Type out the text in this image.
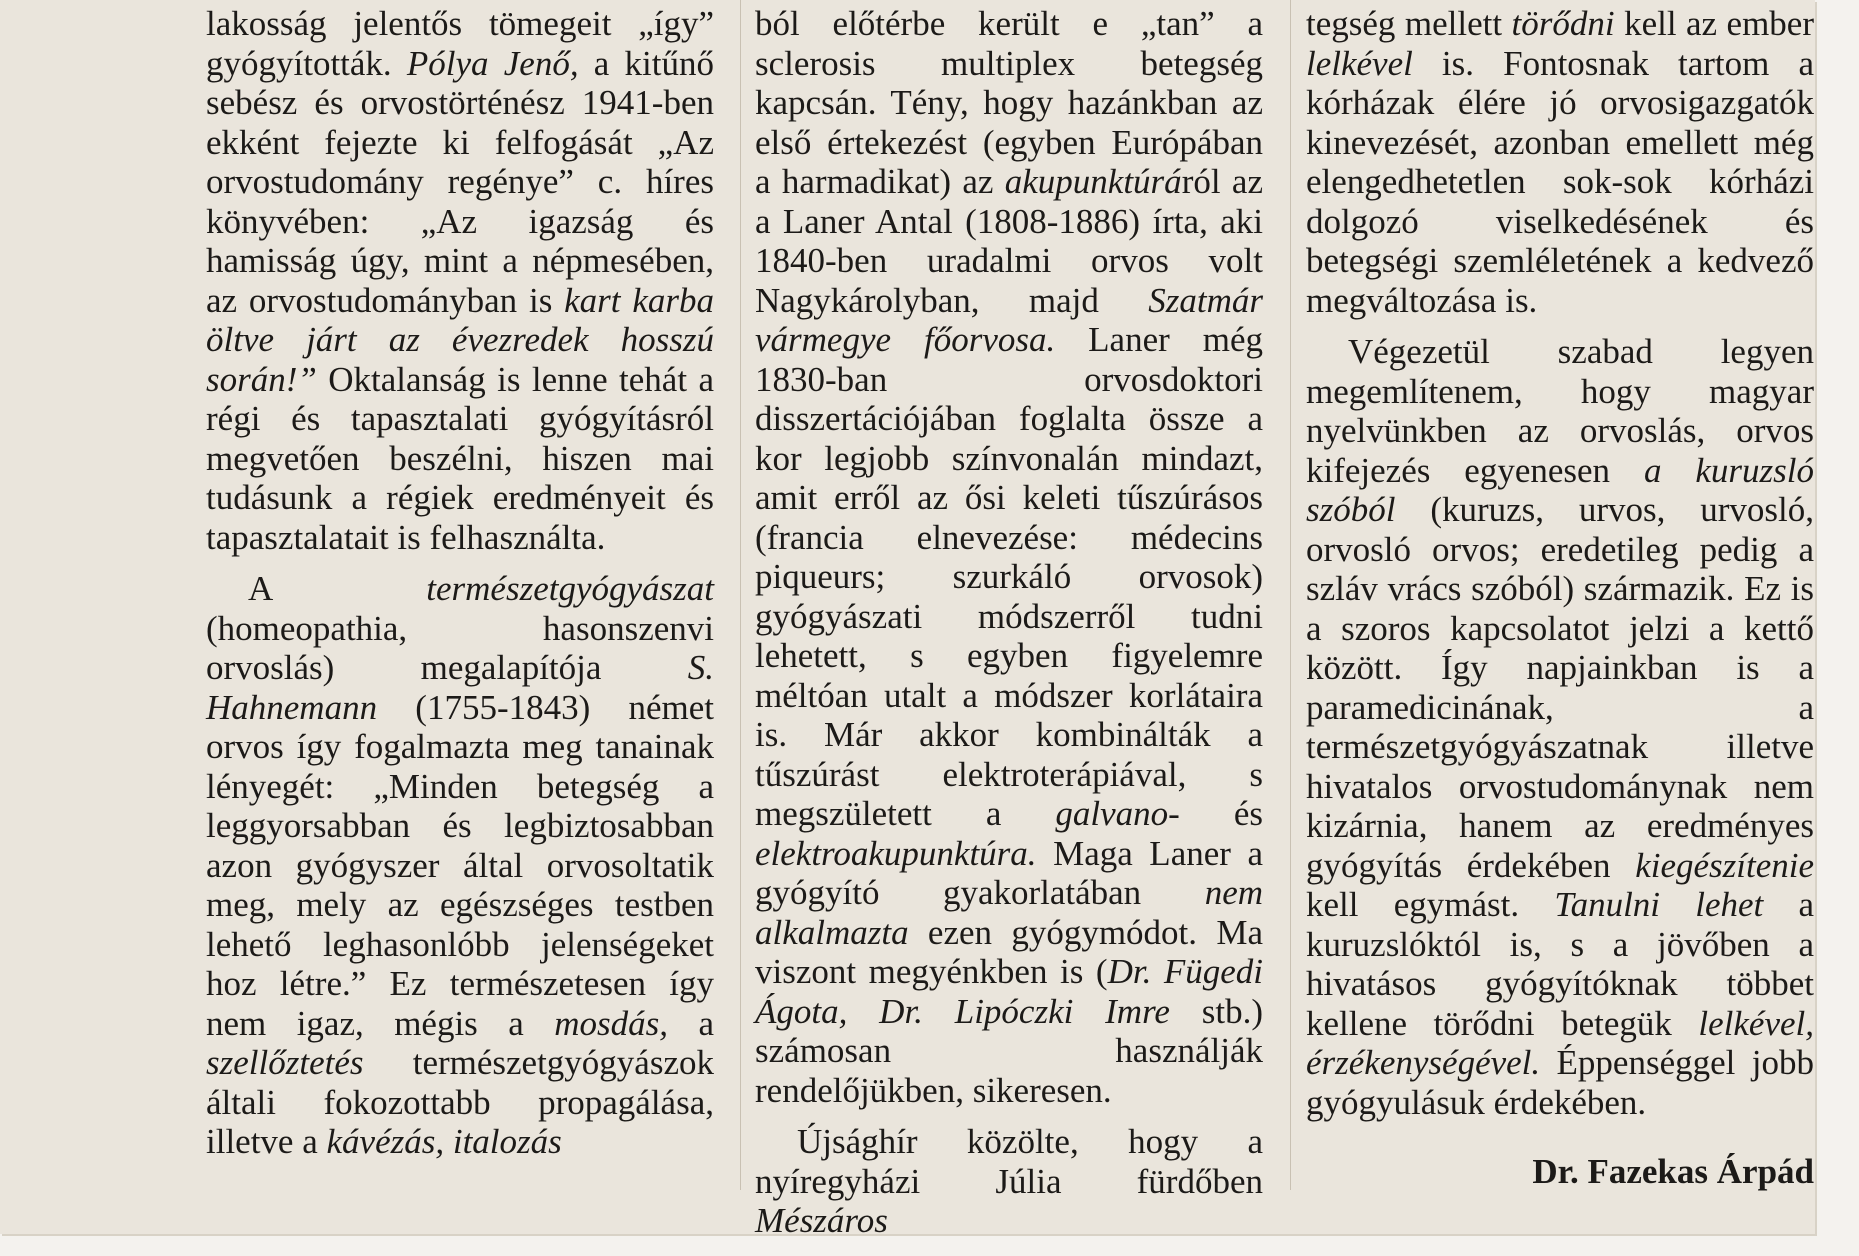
lakosság jelentős tömegeit „így” gyógyították. Pólya Jenő, a kitűnő sebész és orvostörténész 1941-ben ekként fejezte ki felfogását „Az orvostudomány regénye” c. híres könyvében: „Az igazság és hamisság úgy, mint a népmesében, az orvostudományban is kart karba öltve járt az évezredek hosszú során!” Oktalanság is lenne tehát a régi és tapasztalati gyógyításról megvetően beszélni, hiszen mai tudásunk a régiek eredményeit és tapasztalatait is felhasználta.

A természetgyógyászat (homeopathia, hasonszenvi orvoslás) megalapítója S. Hahnemann (1755-1843) német orvos így fogalmazta meg tanainak lényegét: „Minden betegség a leggyorsabban és legbiztosabban azon gyógyszer által orvosoltatik meg, mely az egészséges testben lehető leghasonlóbb jelenségeket hoz létre.” Ez természetesen így nem igaz, mégis a mosdás, a szellőztetés természetgyógyászok általi fokozottabb propagálása, illetve a kávézás, italozás

ból előtérbe került e „tan” a sclerosis multiplex betegség kapcsán. Tény, hogy hazánkban az első értekezést (egyben Európában a harmadikat) az akupunktúráról az a Laner Antal (1808-1886) írta, aki 1840-ben uradalmi orvos volt Nagykárolyban, majd Szatmár vármegye főorvosa. Laner még 1830-ban orvosdoktori disszertációjában foglalta össze a kor legjobb színvonalán mindazt, amit erről az ősi keleti tűszúrásos (francia elnevezése: médecins piqueurs; szurkáló orvosok) gyógyászati módszerről tudni lehetett, s egyben figyelemre méltóan utalt a módszer korlátaira is. Már akkor kombinálták a tűszúrást elektroterápiával, s megszületett a galvano- és elektroakupunktúra. Maga Laner a gyógyító gyakorlatában nem alkalmazta ezen gyógymódot. Ma viszont megyénkben is (Dr. Fügedi Ágota, Dr. Lipóczki Imre stb.) számosan használják rendelőjükben, sikeresen.

Újsághír közölte, hogy a nyíregyházi Júlia fürdőben Mészáros

tegség mellett törődni kell az ember lelkével is. Fontosnak tartom a kórházak élére jó orvosigazgatók kinevezését, azonban emellett még elengedhetetlen sok-sok kórházi dolgozó viselkedésének és betegségi szemléletének a kedvező megváltozása is.

Végezetül szabad legyen megemlítenem, hogy magyar nyelvünkben az orvoslás, orvos kifejezés egyenesen a kuruzsló szóból (kuruzs, urvos, urvosló, orvosló orvos; eredetileg pedig a szláv vrács szóból) származik. Ez is a szoros kapcsolatot jelzi a kettő között. Így napjainkban is a paramedicinának, a természetgyógyászatnak illetve hivatalos orvostudománynak nem kizárnia, hanem az eredményes gyógyítás érdekében kiegészítenie kell egymást. Tanulni lehet a kuruzslóktól is, s a jövőben a hivatásos gyógyítóknak többet kellene törődni betegük lelkével, érzékenységével. Éppenséggel jobb gyógyulásuk érdekében.

Dr. Fazekas Árpád
